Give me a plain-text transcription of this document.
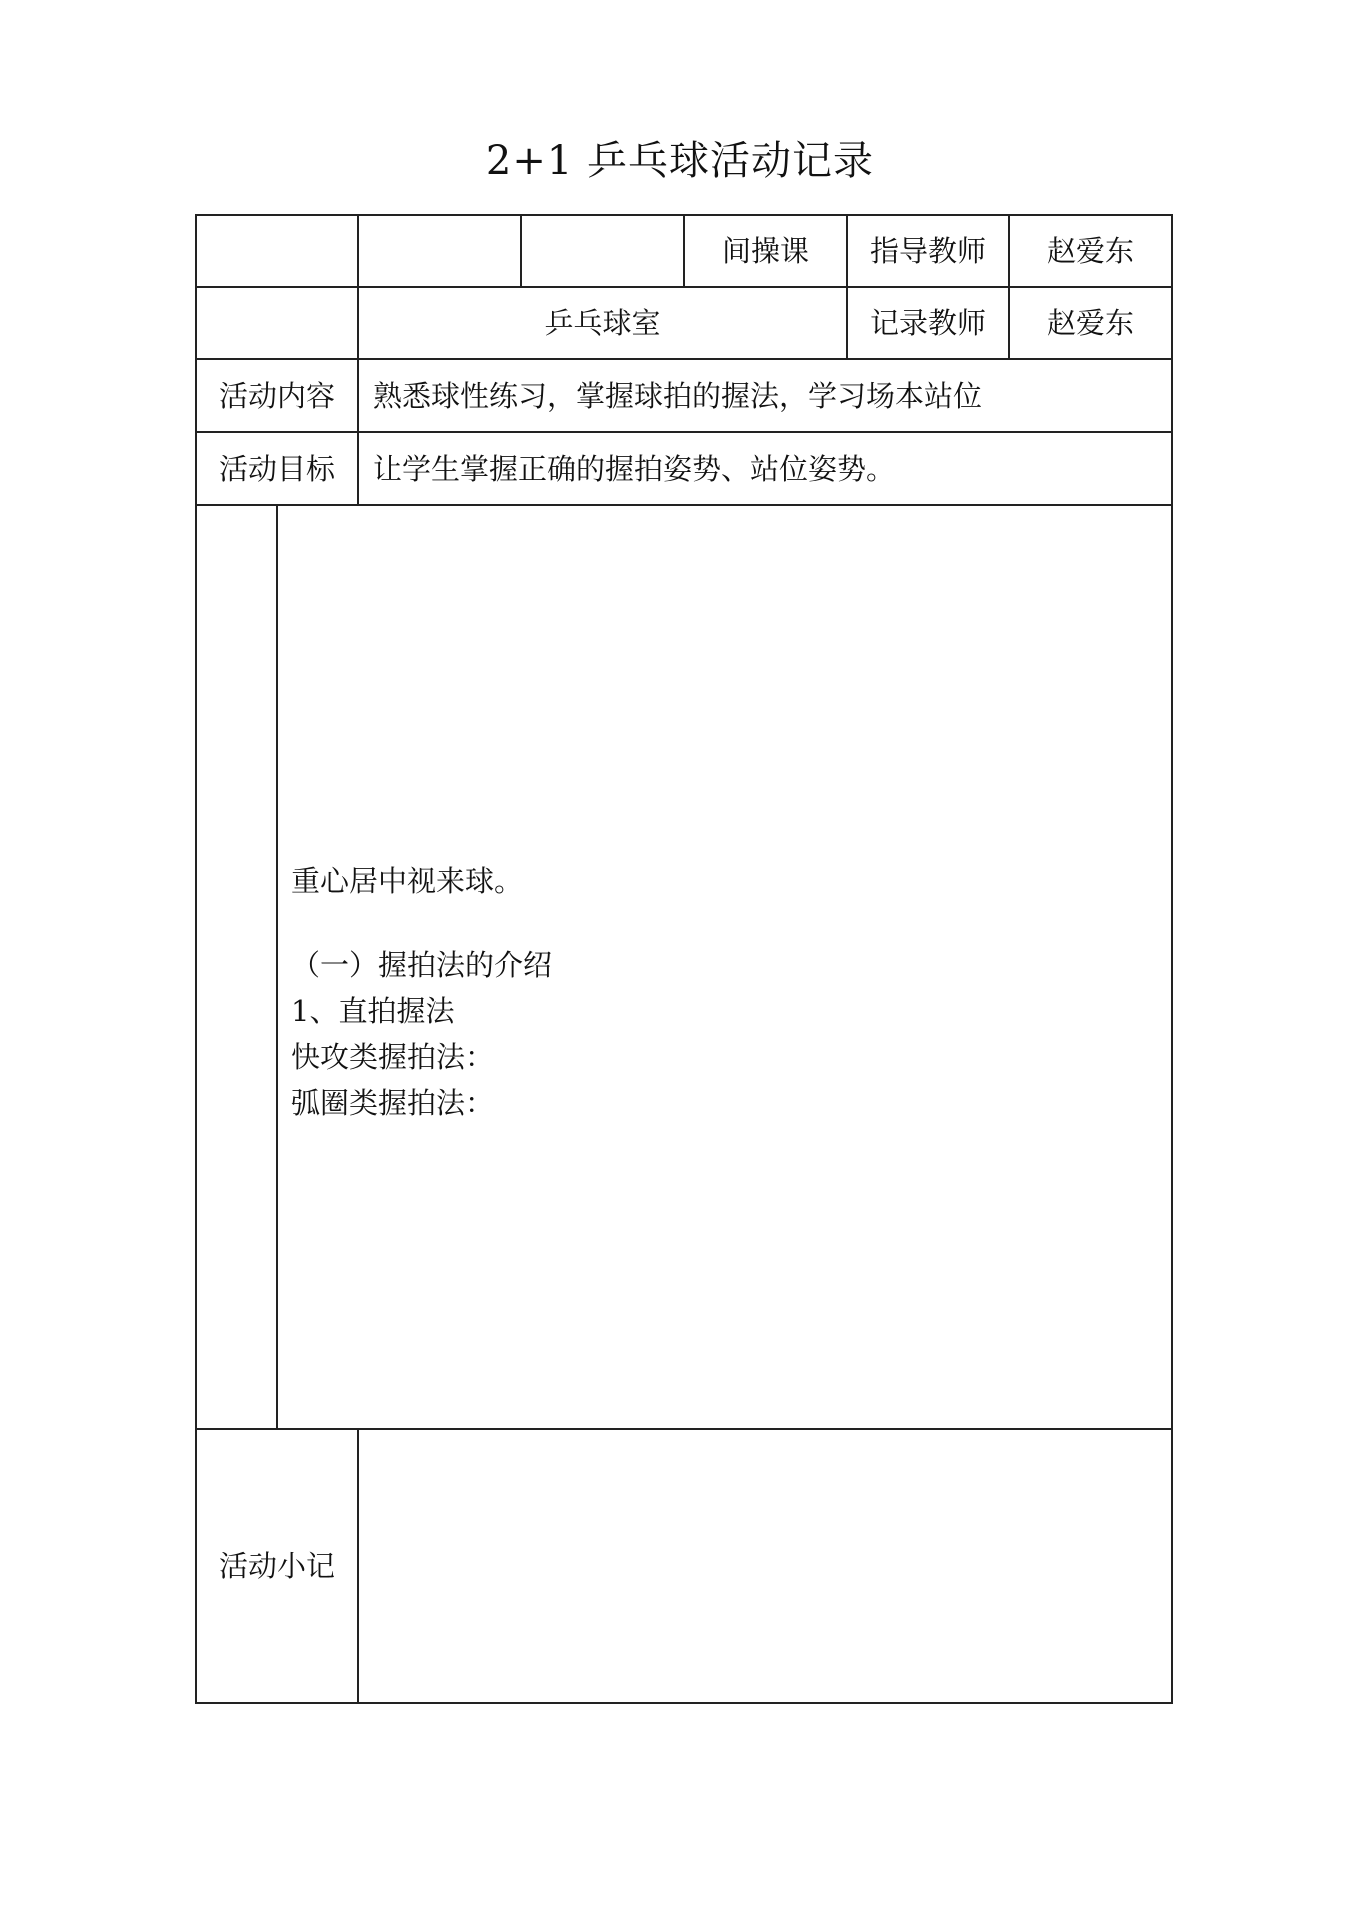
2+1 乒乓球活动记录
间操课	指导教师	赵爱东
乒乓球室	记录教师	赵爱东
活动内容	熟悉球性练习，掌握球拍的握法，学习场本站位
活动目标	让学生掌握正确的握拍姿势、站位姿势。
重心居中视来球。
（一）握拍法的介绍
1、直拍握法
快攻类握拍法：
弧圈类握拍法：
活动小记
